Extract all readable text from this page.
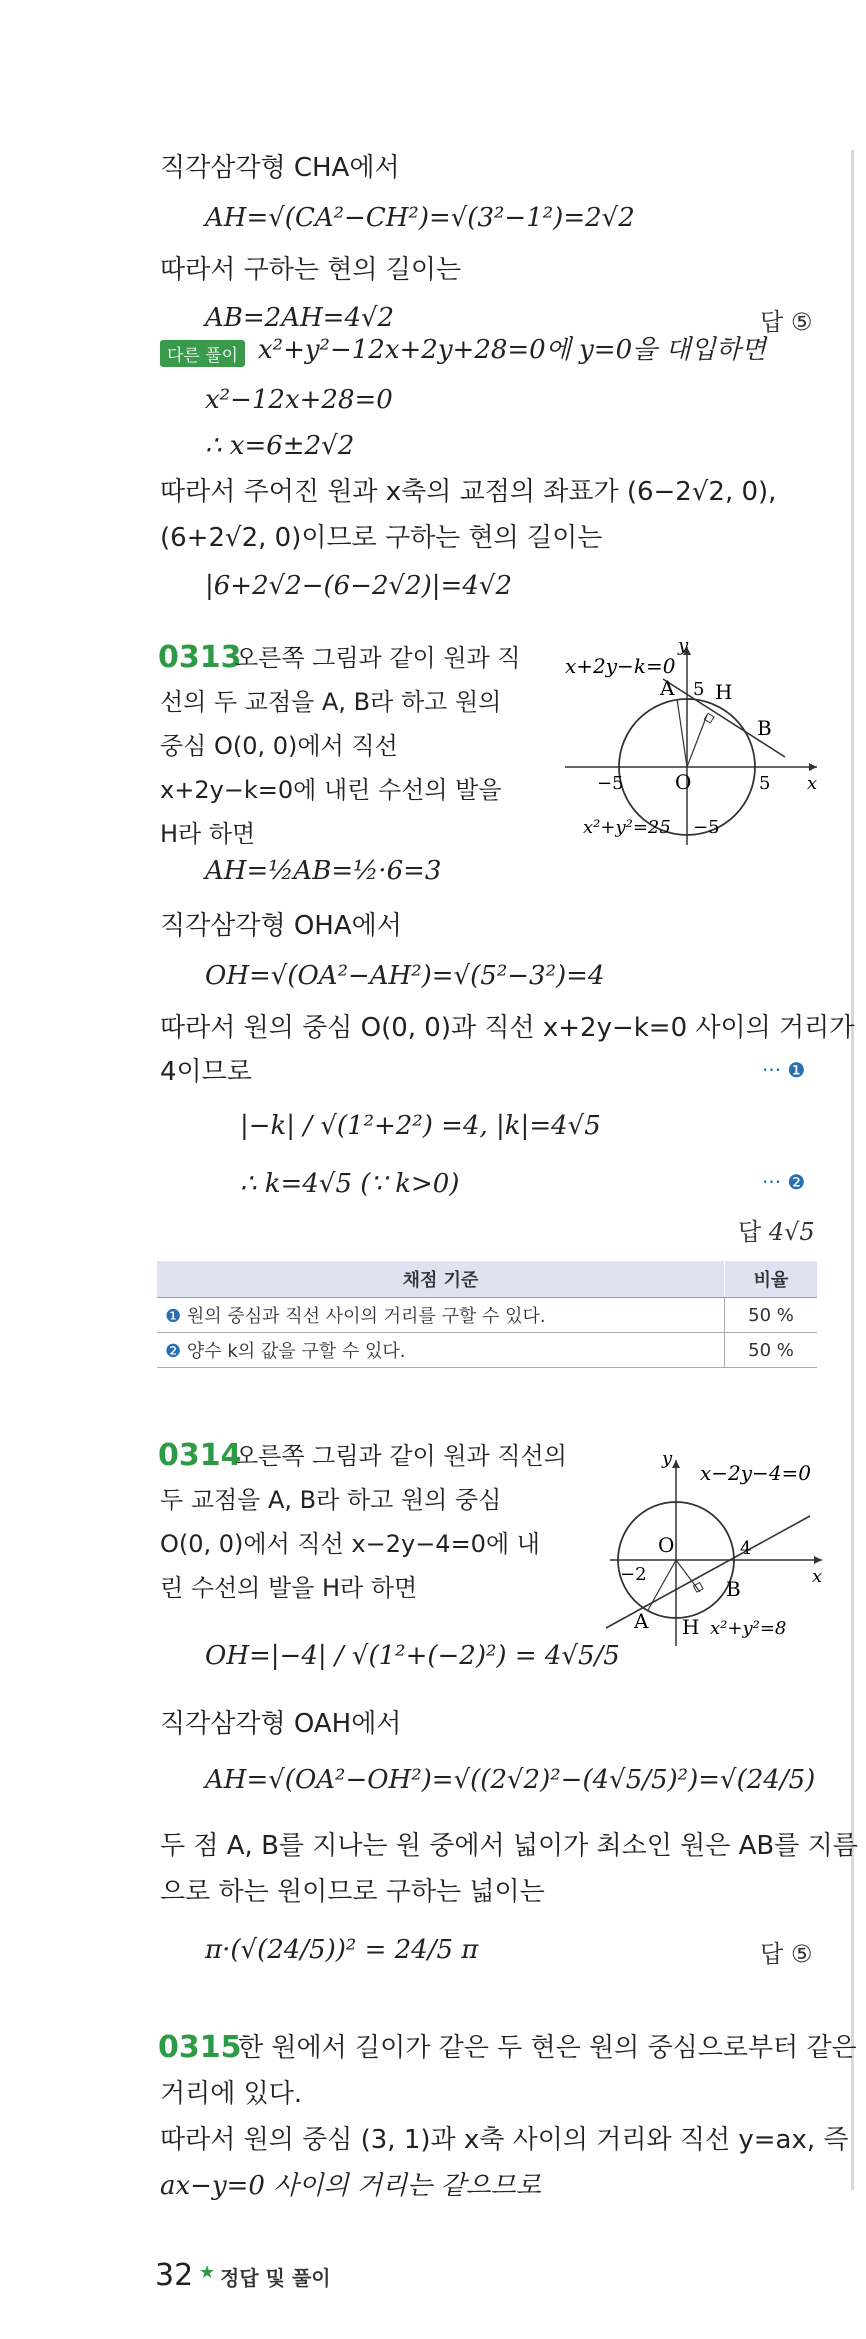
직각삼각형 CHA에서
AH=√(CA²−CH²)=√(3²−1²)=2√2
따라서 구하는 현의 길이는
AB=2AH=4√2	답 ⑤
다른 풀이 x²+y²−12x+2y+28=0에 y=0을 대입하면
x²−12x+28=0
∴ x=6±2√2
따라서 주어진 원과 x축의 교점의 좌표가 (6−2√2, 0),
(6+2√2, 0)이므로 구하는 현의 길이는
|6+2√2−(6−2√2)|=4√2
0313
오른쪽 그림과 같이 원과 직
선의 두 교점을 A, B라 하고 원의
중심 O(0, 0)에서 직선
x+2y−k=0에 내린 수선의 발을
H라 하면
x+2y−k=0
y
A 5 H
B
−5	O	5 x
x²+y²=25 −5
AH=½AB=½·6=3
직각삼각형 OHA에서
OH=√(OA²−AH²)=√(5²−3²)=4
따라서 원의 중심 O(0, 0)과 직선 x+2y−k=0 사이의 거리가
4이므로	··· ❶
|−k| / √(1²+2²) =4, |k|=4√5
∴ k=4√5 (∵ k>0)	··· ❷
답 4√5
채점 기준	비율
❶ 원의 중심과 직선 사이의 거리를 구할 수 있다.	50 %
❷ 양수 k의 값을 구할 수 있다.	50 %
0314
오른쪽 그림과 같이 원과 직선의
두 교점을 A, B라 하고 원의 중심
O(0, 0)에서 직선 x−2y−4=0에 내
린 수선의 발을 H라 하면
y
x−2y−4=0
O	4
x
−2
B
A H x²+y²=8
OH=|−4| / √(1²+(−2)²) = 4√5/5
직각삼각형 OAH에서
AH=√(OA²−OH²)=√((2√2)²−(4√5/5)²)=√(24/5)
두 점 A, B를 지나는 원 중에서 넓이가 최소인 원은 AB를 지름
으로 하는 원이므로 구하는 넓이는
π·(√(24/5))² = 24/5 π	답 ⑤
0315
한 원에서 길이가 같은 두 현은 원의 중심으로부터 같은
거리에 있다.
따라서 원의 중심 (3, 1)과 x축 사이의 거리와 직선 y=ax, 즉
ax−y=0 사이의 거리는 같으므로
32 ★ 정답 및 풀이
